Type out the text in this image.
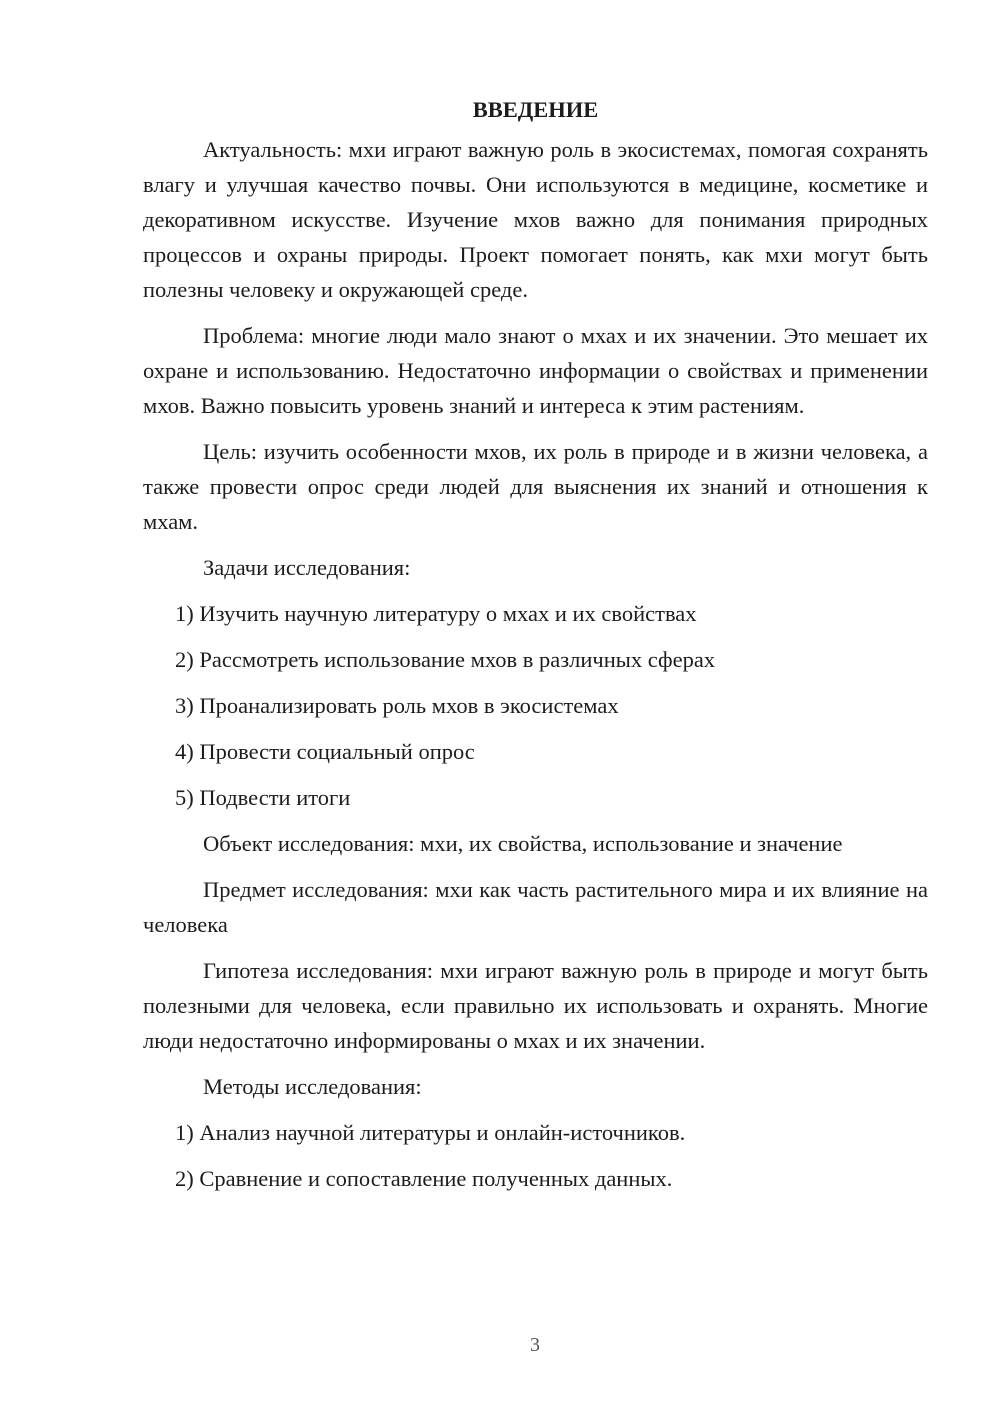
ВВЕДЕНИЕ

Актуальность: мхи играют важную роль в экосистемах, помогая сохранять влагу и улучшая качество почвы. Они используются в медицине, косметике и декоративном искусстве. Изучение мхов важно для понимания природных процессов и охраны природы. Проект помогает понять, как мхи могут быть полезны человеку и окружающей среде.

Проблема: многие люди мало знают о мхах и их значении. Это мешает их охране и использованию. Недостаточно информации о свойствах и применении мхов. Важно повысить уровень знаний и интереса к этим растениям.

Цель: изучить особенности мхов, их роль в природе и в жизни человека, а также провести опрос среди людей для выяснения их знаний и отношения к мхам.

Задачи исследования:
1) Изучить научную литературу о мхах и их свойствах
2) Рассмотреть использование мхов в различных сферах
3) Проанализировать роль мхов в экосистемах
4) Провести социальный опрос
5) Подвести итоги
Объект исследования: мхи, их свойства, использование и значение

Предмет исследования: мхи как часть растительного мира и их влияние на человека

Гипотеза исследования: мхи играют важную роль в природе и могут быть полезными для человека, если правильно их использовать и охранять. Многие люди недостаточно информированы о мхах и их значении.

Методы исследования:
1) Анализ научной литературы и онлайн-источников.
2) Сравнение и сопоставление полученных данных.
3
